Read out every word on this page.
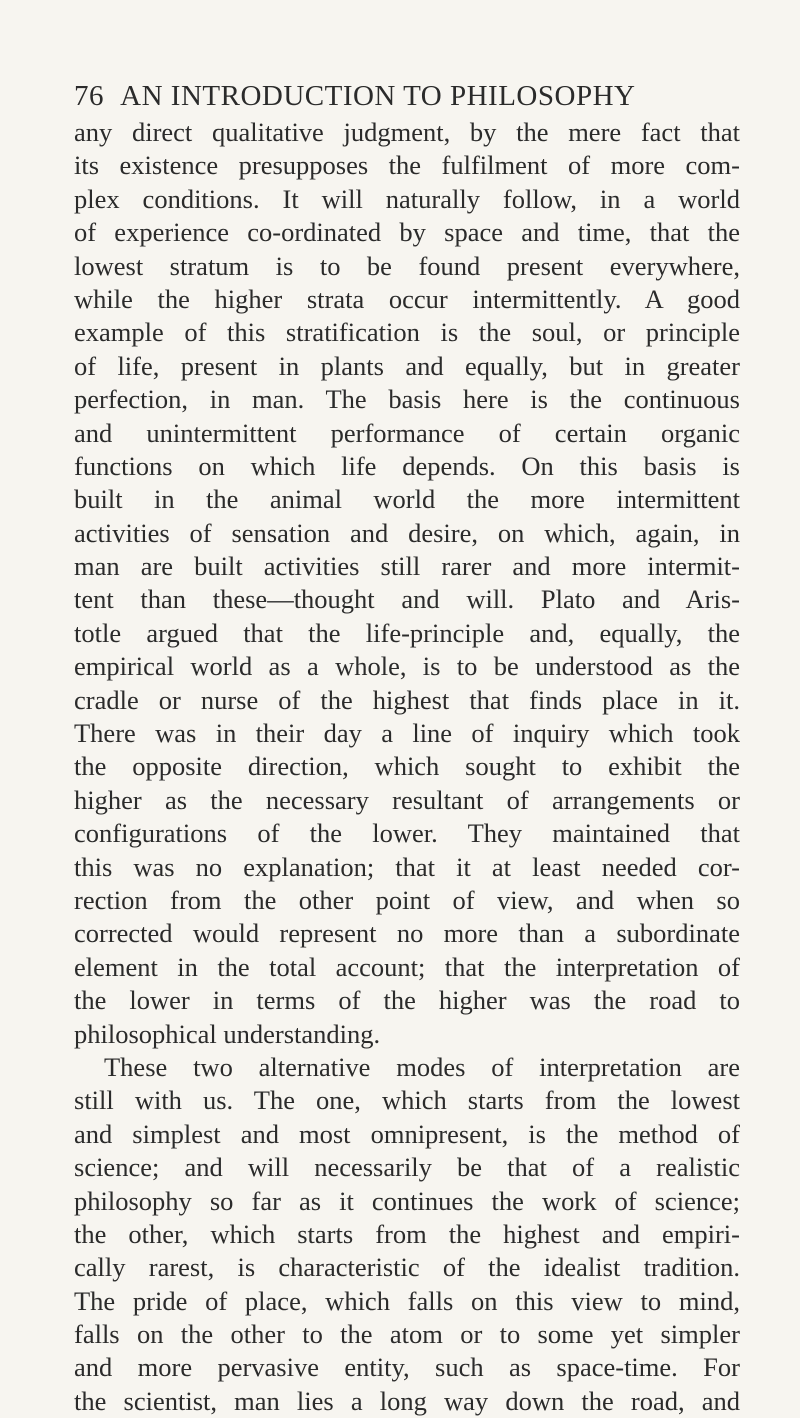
76 AN INTRODUCTION TO PHILOSOPHY
any direct qualitative judgment, by the mere fact that
its existence presupposes the fulfilment of more com-
plex conditions. It will naturally follow, in a world
of experience co-ordinated by space and time, that the
lowest stratum is to be found present everywhere,
while the higher strata occur intermittently. A good
example of this stratification is the soul, or principle
of life, present in plants and equally, but in greater
perfection, in man. The basis here is the continuous
and unintermittent performance of certain organic
functions on which life depends. On this basis is
built in the animal world the more intermittent
activities of sensation and desire, on which, again, in
man are built activities still rarer and more intermit-
tent than these—thought and will. Plato and Aris-
totle argued that the life-principle and, equally, the
empirical world as a whole, is to be understood as the
cradle or nurse of the highest that finds place in it.
There was in their day a line of inquiry which took
the opposite direction, which sought to exhibit the
higher as the necessary resultant of arrangements or
configurations of the lower. They maintained that
this was no explanation; that it at least needed cor-
rection from the other point of view, and when so
corrected would represent no more than a subordinate
element in the total account; that the interpretation of
the lower in terms of the higher was the road to
philosophical understanding.
These two alternative modes of interpretation are
still with us. The one, which starts from the lowest
and simplest and most omnipresent, is the method of
science; and will necessarily be that of a realistic
philosophy so far as it continues the work of science;
the other, which starts from the highest and empiri-
cally rarest, is characteristic of the idealist tradition.
The pride of place, which falls on this view to mind,
falls on the other to the atom or to some yet simpler
and more pervasive entity, such as space-time. For
the scientist, man lies a long way down the road, and
